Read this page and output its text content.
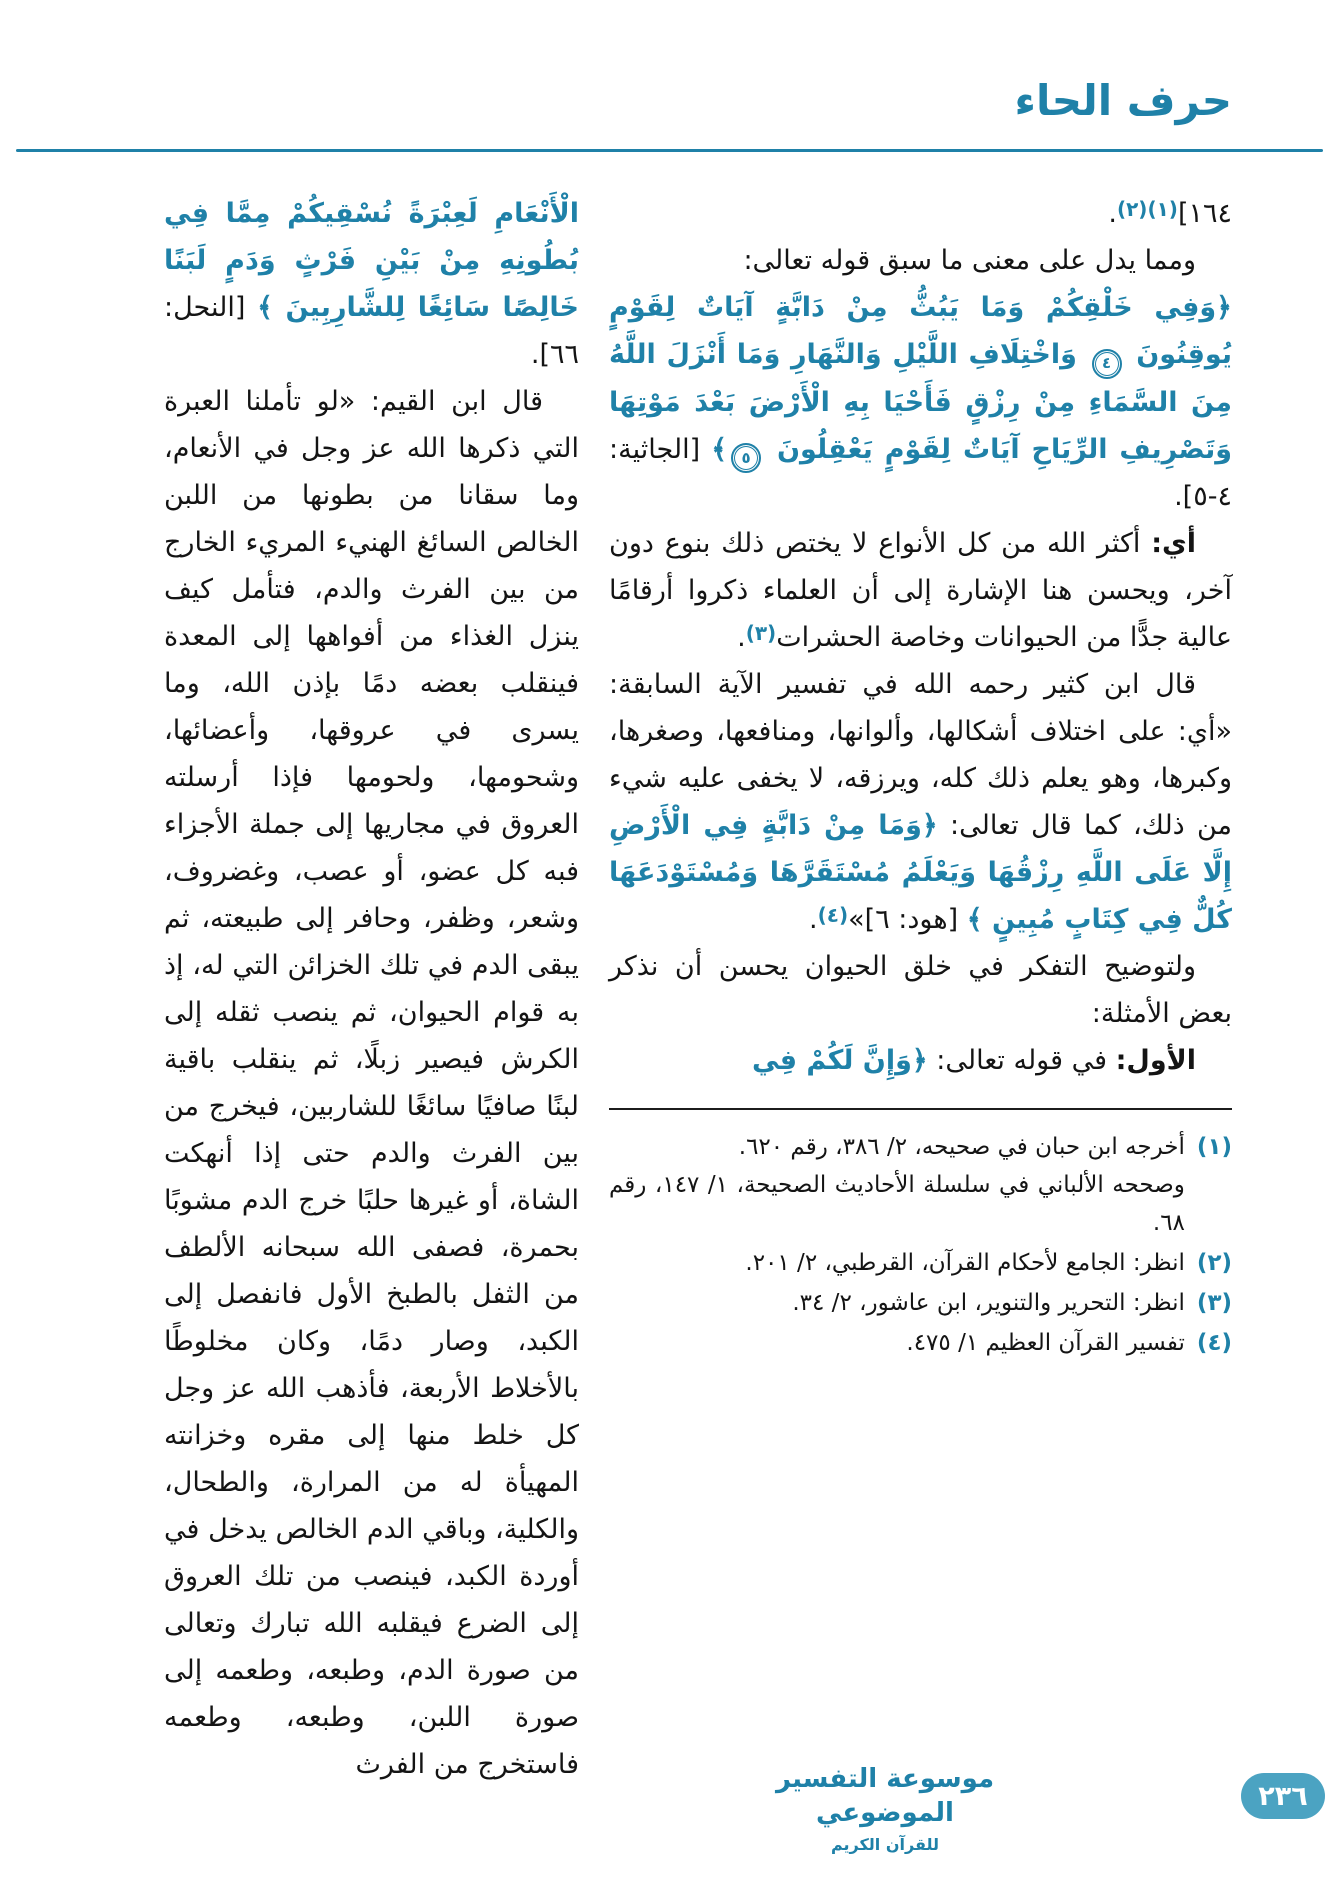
حرف الحاء

١٦٤]$^{(١)(٢)}$.

ومما يدل على معنى ما سبق قوله تعالى:

﴿وَفِي خَلْقِكُمْ وَمَا يَبُثُّ مِنْ دَابَّةٍ آيَاتٌ لِقَوْمٍ يُوقِنُونَ ٤ وَاخْتِلَافِ اللَّيْلِ وَالنَّهَارِ وَمَا أَنْزَلَ اللَّهُ مِنَ السَّمَاءِ مِنْ رِزْقٍ فَأَحْيَا بِهِ الْأَرْضَ بَعْدَ مَوْتِهَا وَتَصْرِيفِ الرِّيَاحِ آيَاتٌ لِقَوْمٍ يَعْقِلُونَ ٥﴾ [الجاثية: ٤-٥].

أي: أكثر الله من كل الأنواع لا يختص ذلك بنوع دون آخر، ويحسن هنا الإشارة إلى أن العلماء ذكروا أرقامًا عالية جدًّا من الحيوانات وخاصة الحشرات$^{(٣)}$.

قال ابن كثير رحمه الله في تفسير الآية السابقة: «أي: على اختلاف أشكالها، وألوانها، ومنافعها، وصغرها، وكبرها، وهو يعلم ذلك كله، ويرزقه، لا يخفى عليه شيء من ذلك، كما قال تعالى: ﴿وَمَا مِنْ دَابَّةٍ فِي الْأَرْضِ إِلَّا عَلَى اللَّهِ رِزْقُهَا وَيَعْلَمُ مُسْتَقَرَّهَا وَمُسْتَوْدَعَهَا كُلٌّ فِي كِتَابٍ مُبِينٍ ﴾ [هود: ٦]»$^{(٤)}$.

ولتوضيح التفكر في خلق الحيوان يحسن أن نذكر بعض الأمثلة:

الأول: في قوله تعالى: ﴿وَإِنَّ لَكُمْ فِي

(١)
أخرجه ابن حبان في صحيحه، ٢/ ٣٨٦، رقم ٦٢٠.
وصححه الألباني في سلسلة الأحاديث الصحيحة، ١/ ١٤٧، رقم ٦٨.
(٢)
انظر: الجامع لأحكام القرآن، القرطبي، ٢/ ٢٠١.
(٣)
انظر: التحرير والتنوير، ابن عاشور، ٢/ ٣٤.
(٤)
تفسير القرآن العظيم ١/ ٤٧٥.
الْأَنْعَامِ لَعِبْرَةً نُسْقِيكُمْ مِمَّا فِي بُطُونِهِ مِنْ بَيْنِ فَرْثٍ وَدَمٍ لَبَنًا خَالِصًا سَائِغًا لِلشَّارِبِينَ ﴾ [النحل: ٦٦].

قال ابن القيم: «لو تأملنا العبرة التي ذكرها الله عز وجل في الأنعام، وما سقانا من بطونها من اللبن الخالص السائغ الهنيء المريء الخارج من بين الفرث والدم، فتأمل كيف ينزل الغذاء من أفواهها إلى المعدة فينقلب بعضه دمًا بإذن الله، وما يسرى في عروقها، وأعضائها، وشحومها، ولحومها فإذا أرسلته العروق في مجاريها إلى جملة الأجزاء فبه كل عضو، أو عصب، وغضروف، وشعر، وظفر، وحافر إلى طبيعته، ثم يبقى الدم في تلك الخزائن التي له، إذ به قوام الحيوان، ثم ينصب ثقله إلى الكرش فيصير زبلًا، ثم ينقلب باقية لبنًا صافيًا سائغًا للشاربين، فيخرج من بين الفرث والدم حتى إذا أنهكت الشاة، أو غيرها حلبًا خرج الدم مشوبًا بحمرة، فصفى الله سبحانه الألطف من الثفل بالطبخ الأول فانفصل إلى الكبد، وصار دمًا، وكان مخلوطًا بالأخلاط الأربعة، فأذهب الله عز وجل كل خلط منها إلى مقره وخزانته المهيأة له من المرارة، والطحال، والكلية، وباقي الدم الخالص يدخل في أوردة الكبد، فينصب من تلك العروق إلى الضرع فيقلبه الله تبارك وتعالى من صورة الدم، وطبعه، وطعمه إلى صورة اللبن، وطبعه، وطعمه فاستخرج من الفرث	موسوعة التفسير الموضوعي
للقرآن الكريم
٢٣٦
